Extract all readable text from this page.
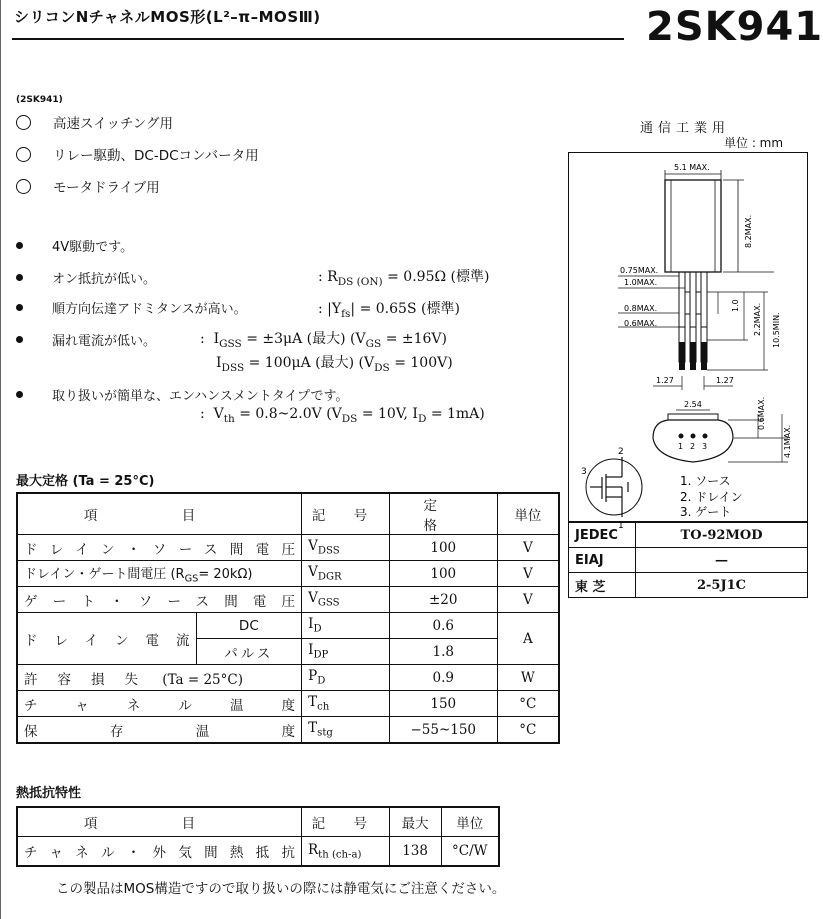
シリコンNチャネルMOS形(L²–π–MOSⅢ)	2SK941
(2SK941)
高速スイッチング用
リレー駆動、DC-DCコンバータ用
モータドライブ用
4V駆動です。
オン抵抗が低い。	: $R_{DS (ON)} = 0.95\Omega$ (標準)
順方向伝達アドミタンスが高い。	: $|Y_{fs}| = 0.65S$ (標準)
漏れ電流が低い。	:  $I_{GSS} = \pm 3\mu A$ (最大) $(V_{GS} = \pm 16V)$
$I_{DSS} = 100\mu A$ (最大) $(V_{DS} = 100V)$
取り扱いが簡単な、エンハンスメントタイプです。
:  $V_{th}$ = 0.8~2.0V ($V_{DS} = 10V$, $I_D = 1mA$)
通信工業用
単位 : mm
5.1 MAX.
8.2MAX.
0.75MAX.
1.0MAX.
0.8MAX.
0.6MAX.
1.0 2.2MAX. 10.5MIN.
1.27	1.27
2.54
1 2 3
0.6MAX.
4.1MAX.
2
3
1
1. ソース
2. ドレイン
3. ゲート
JEDEC	TO-92MOD
EIAJ	—
東 芝	2-5J1C
最大定格 (Ta = 25°C)
項 目		記 号	定 格	単位
ドレイン・ソース間電圧		$V_{DSS}$	100	V
ドレイン・ゲート間電圧 $(R_{GS}= 20k\Omega)$		$V_{DGR}$	100	V
ゲート・ソース間電圧		$V_{GSS}$	±20	V
ドレイン電流	DC	$I_D$	0.6	A
	パルス	$I_{DP}$	1.8	
許容損失 (Ta = 25°C)		$P_D$	0.9	W
チャネル温度		$T_{ch}$	150	°C
保存温度		$T_{stg}$	−55~150	°C
熱抵抗特性
項 目	記 号	最大	単位
チャネル・外気間熱抵抗	$R_{th (ch-a)}$	138	°C/W
この製品はMOS構造ですので取り扱いの際には静電気にご注意ください。
